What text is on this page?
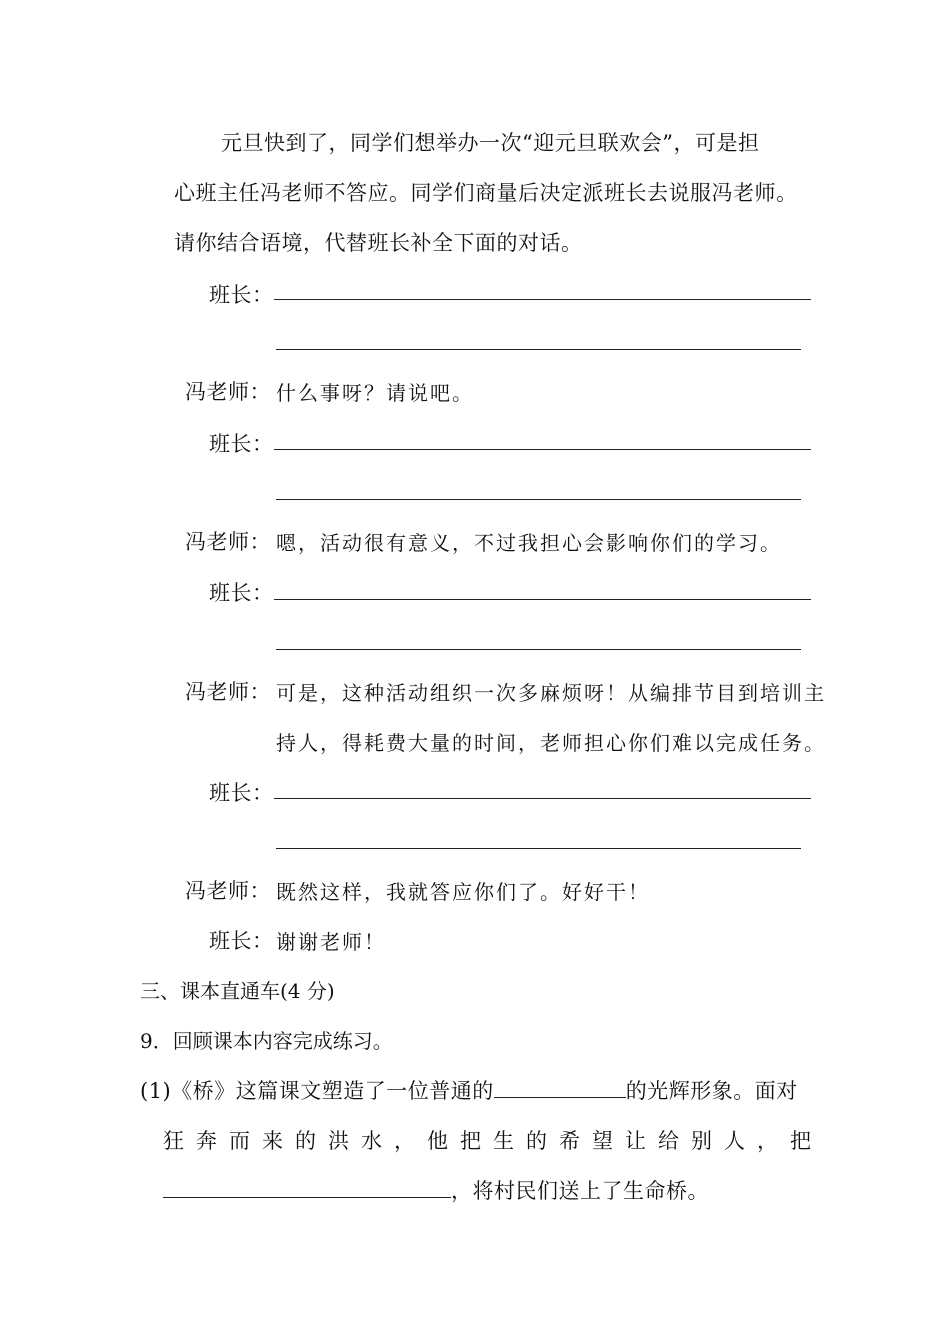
元旦快到了，同学们想举办一次“迎元旦联欢会”，可是担
心班主任冯老师不答应。同学们商量后决定派班长去说服冯老师。
请你结合语境，代替班长补全下面的对话。
班长：
冯老师： 什么事呀？请说吧。
班长：
冯老师： 嗯，活动很有意义，不过我担心会影响你们的学习。
班长：
冯老师： 可是，这种活动组织一次多麻烦呀！从编排节目到培训主
持人，得耗费大量的时间，老师担心你们难以完成任务。
班长：
冯老师： 既然这样，我就答应你们了。好好干！
班长： 谢谢老师！
三、课本直通车(4 分)
9．回顾课本内容完成练习。
(1)《桥》这篇课文塑造了一位普通的	的光辉形象。面对
狂 奔 而 来 的 洪 水 ， 他 把 生 的 希 望 让 给 别 人 ， 把
，将村民们送上了生命桥。
